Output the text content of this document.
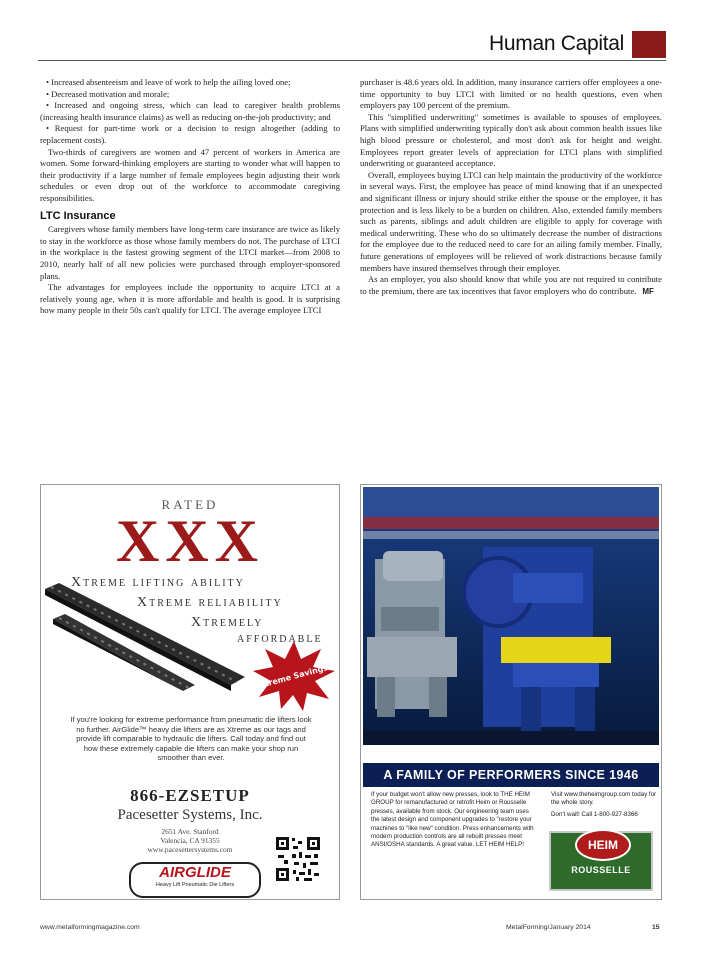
Human Capital

• Increased absenteeism and leave of work to help the ailing loved one;

• Decreased motivation and morale;

• Increased and ongoing stress, which can lead to caregiver health problems (increasing health insurance claims) as well as reducing on-the-job productivity; and

• Request for part-time work or a decision to resign altogether (adding to replacement costs).

Two-thirds of caregivers are women and 47 percent of workers in America are women. Some forward-thinking employers are starting to wonder what will happen to their productivity if a large number of female employees begin adjusting their work schedules or even drop out of the workforce to accommodate caregiving responsibilities.

LTC Insurance

Caregivers whose family members have long-term care insurance are twice as likely to stay in the workforce as those whose family members do not. The purchase of LTCI in the workplace is the fastest growing segment of the LTCI market—from 2008 to 2010, nearly half of all new policies were purchased through employer-sponsored plans.

The advantages for employees include the opportunity to acquire LTCI at a relatively young age, when it is more affordable and health is good. It is surprising how many people in their 50s can't qualify for LTCI. The average employee LTCI

purchaser is 48.6 years old. In addition, many insurance carriers offer employees a one-time opportunity to buy LTCI with limited or no health questions, even when employers pay 100 percent of the premium.

This "simplified underwriting" sometimes is available to spouses of employees. Plans with simplified underwriting typically don't ask about common health issues like high blood pressure or cholesterol, and most don't ask for height and weight. Employees report greater levels of appreciation for LTCI plans with simplified underwriting or guaranteed acceptance.

Overall, employees buying LTCI can help maintain the productivity of the workforce in several ways. First, the employee has peace of mind knowing that if an unexpected and significant illness or injury should strike either the spouse or the employee, it has protection and is less likely to be a burden on children. Also, extended family members such as parents, siblings and adult children are eligible to apply for coverage with medical underwriting. These who do so ultimately decrease the number of distractions for the employee due to the reduced need to care for an ailing family member. Finally, future generations of employees will be relieved of work distractions because family members have insured themselves through their employer.

As an employer, you also should know that while you are not required to contribute to the premium, there are tax incentives that favor employers who do contribute. MF

RATED
XXX
Xtreme lifting ability
Xtreme reliability
Xtremely
affordable
Xtreme Savings
If you're looking for extreme performance from pneumatic die lifters look no further. AirGlide™ heavy die lifters are as Xtreme as our tags and provide lift comparable to hydraulic die lifters. Call today and find out how these extremely capable die lifters can make your shop run smoother than ever.
866-EZSETUP
Pacesetter Systems, Inc.
2651 Ave. Stanford
Valencia, CA 91355
www.pacesettersystems.com
AIRGLIDE
Heavy Lift Pneumatic Die Lifters
A FAMILY OF PERFORMERS SINCE 1946
If your budget won't allow new presses, look to THE HEIM GROUP for remanufactured or retrofit Heim or Rousselle presses, available from stock. Our engineering team uses the latest design and component upgrades to "restore your machines to "like new" condition. Press enhancements with modern production controls are all rebuilt presses meet ANSI/OSHA standards. A great value. LET HEIM HELP!
Visit www.theheimgroup.com today for the whole story.
Don't wait! Call 1-800-927-8366
HEIM
ROUSSELLE
www.metalformingmagazine.com	MetalForming/January 2014	15
